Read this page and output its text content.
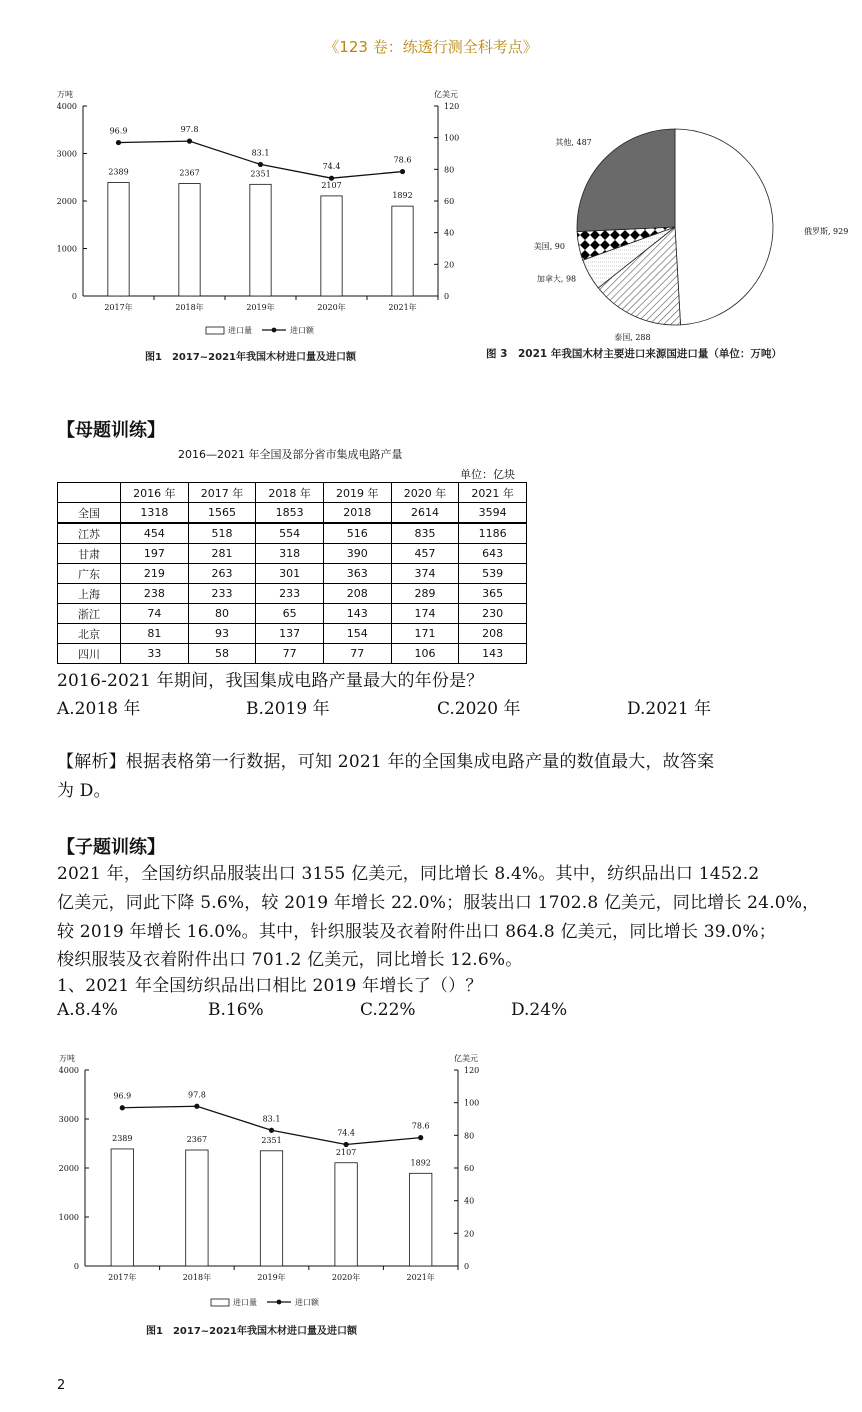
《123 卷：练透行测全科考点》
万吨	亿美元
0
1000
2000
3000
4000
0
20
40
60
80
100
120
2389
2017年
2367
2018年
2351
2019年
2107
2020年
1892
2021年
96.9	97.8
83.1
74.4
78.6
进口量	进口额
图1　2017~2021年我国木材进口量及进口额
俄罗斯, 929
泰国, 288
加拿大, 98
美国, 90
其他, 487
图 3　2021 年我国木材主要进口来源国进口量（单位：万吨）
【母题训练】
2016—2021 年全国及部分省市集成电路产量
单位：亿块
	2016 年	2017 年	2018 年	2019 年	2020 年	2021 年
全国	1318	1565	1853	2018	2614	3594
江苏	454	518	554	516	835	1186
甘肃	197	281	318	390	457	643
广东	219	263	301	363	374	539
上海	238	233	233	208	289	365
浙江	74	80	65	143	174	230
北京	81	93	137	154	171	208
四川	33	58	77	77	106	143
2016-2021 年期间，我国集成电路产量最大的年份是？
A.2018 年	B.2019 年	C.2020 年	D.2021 年
【解析】根据表格第一行数据，可知 2021 年的全国集成电路产量的数值最大，故答案
为 D。
【子题训练】
2021 年，全国纺织品服装出口 3155 亿美元，同比增长 8.4%。其中，纺织品出口 1452.2
亿美元，同此下降 5.6%，较 2019 年增长 22.0%；服装出口 1702.8 亿美元，同比增长 24.0%，
较 2019 年增长 16.0%。其中，针织服装及衣着附件出口 864.8 亿美元，同比增长 39.0%；
梭织服装及衣着附件出口 701.2 亿美元，同比增长 12.6%。
1、2021 年全国纺织品出口相比 2019 年增长了（）？
A.8.4%	B.16%	C.22%	D.24%
万吨	亿美元
0
1000
2000
3000
4000
0
20
40
60
80
100
120
2389
2017年
2367
2018年
2351
2019年
2107
2020年
1892
2021年
96.9	97.8
83.1
74.4
78.6
进口量	进口额
图1　2017~2021年我国木材进口量及进口额
2
